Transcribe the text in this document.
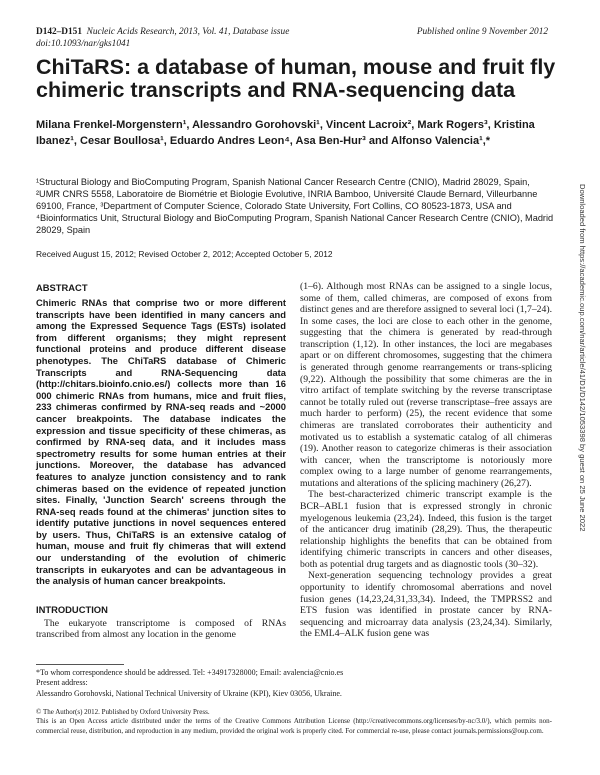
D142–D151 Nucleic Acids Research, 2013, Vol. 41, Database issue
doi:10.1093/nar/gks1041
Published online 9 November 2012
ChiTaRS: a database of human, mouse and fruit fly chimeric transcripts and RNA-sequencing data
Milana Frenkel-Morgenstern¹, Alessandro Gorohovski¹, Vincent Lacroix², Mark Rogers³, Kristina Ibanez¹, Cesar Boullosa¹, Eduardo Andres Leon⁴, Asa Ben-Hur³ and Alfonso Valencia¹,*
¹Structural Biology and BioComputing Program, Spanish National Cancer Research Centre (CNIO), Madrid 28029, Spain, ²UMR CNRS 5558, Laboratoire de Biométrie et Biologie Evolutive, INRIA Bamboo, Université Claude Bernard, Villeurbanne 69100, France, ³Department of Computer Science, Colorado State University, Fort Collins, CO 80523-1873, USA and ⁴Bioinformatics Unit, Structural Biology and BioComputing Program, Spanish National Cancer Research Centre (CNIO), Madrid 28029, Spain
Received August 15, 2012; Revised October 2, 2012; Accepted October 5, 2012
ABSTRACT

Chimeric RNAs that comprise two or more different transcripts have been identified in many cancers and among the Expressed Sequence Tags (ESTs) isolated from different organisms; they might represent functional proteins and produce different disease phenotypes. The ChiTaRS database of Chimeric Transcripts and RNA-Sequencing data (http://chitars.bioinfo.cnio.es/) collects more than 16 000 chimeric RNAs from humans, mice and fruit flies, 233 chimeras confirmed by RNA-seq reads and ~2000 cancer breakpoints. The database indicates the expression and tissue specificity of these chimeras, as confirmed by RNA-seq data, and it includes mass spectrometry results for some human entries at their junctions. Moreover, the database has advanced features to analyze junction consistency and to rank chimeras based on the evidence of repeated junction sites. Finally, 'Junction Search' screens through the RNA-seq reads found at the chimeras' junction sites to identify putative junctions in novel sequences entered by users. Thus, ChiTaRS is an extensive catalog of human, mouse and fruit fly chimeras that will extend our understanding of the evolution of chimeric transcripts in eukaryotes and can be advantageous in the analysis of human cancer breakpoints.

INTRODUCTION

The eukaryote transcriptome is composed of RNAs transcribed from almost any location in the genome

(1–6). Although most RNAs can be assigned to a single locus, some of them, called chimeras, are composed of exons from distinct genes and are therefore assigned to several loci (1,7–24). In some cases, the loci are close to each other in the genome, suggesting that the chimera is generated by read-through transcription (1,12). In other instances, the loci are megabases apart or on different chromosomes, suggesting that the chimera is generated through genome rearrangements or trans-splicing (9,22). Although the possibility that some chimeras are the in vitro artifact of template switching by the reverse transcriptase cannot be totally ruled out (reverse transcriptase–free assays are much harder to perform) (25), the recent evidence that some chimeras are translated corroborates their authenticity and motivated us to establish a systematic catalog of all chimeras (19). Another reason to categorize chimeras is their association with cancer, when the transcriptome is notoriously more complex owing to a large number of genome rearrangements, mutations and alterations of the splicing machinery (26,27).

The best-characterized chimeric transcript example is the BCR–ABL1 fusion that is expressed strongly in chronic myelogenous leukemia (23,24). Indeed, this fusion is the target of the anticancer drug imatinib (28,29). Thus, the therapeutic relationship highlights the benefits that can be obtained from identifying chimeric transcripts in cancers and other diseases, both as potential drug targets and as diagnostic tools (30–32).

Next-generation sequencing technology provides a great opportunity to identify chromosomal aberrations and novel fusion genes (14,23,24,31,33,34). Indeed, the TMPRSS2 and ETS fusion was identified in prostate cancer by RNA-sequencing and microarray data analysis (23,24,34). Similarly, the EML4–ALK fusion gene was

*To whom correspondence should be addressed. Tel: +34917328000; Email: avalencia@cnio.es
Present address:
Alessandro Gorohovski, National Technical University of Ukraine (KPI), Kiev 03056, Ukraine.
© The Author(s) 2012. Published by Oxford University Press.
This is an Open Access article distributed under the terms of the Creative Commons Attribution License (http://creativecommons.org/licenses/by-nc/3.0/), which permits non-commercial reuse, distribution, and reproduction in any medium, provided the original work is properly cited. For commercial re-use, please contact journals.permissions@oup.com.
Downloaded from https://academic.oup.com/nar/article/41/D1/D142/1053398 by guest on 25 June 2022
